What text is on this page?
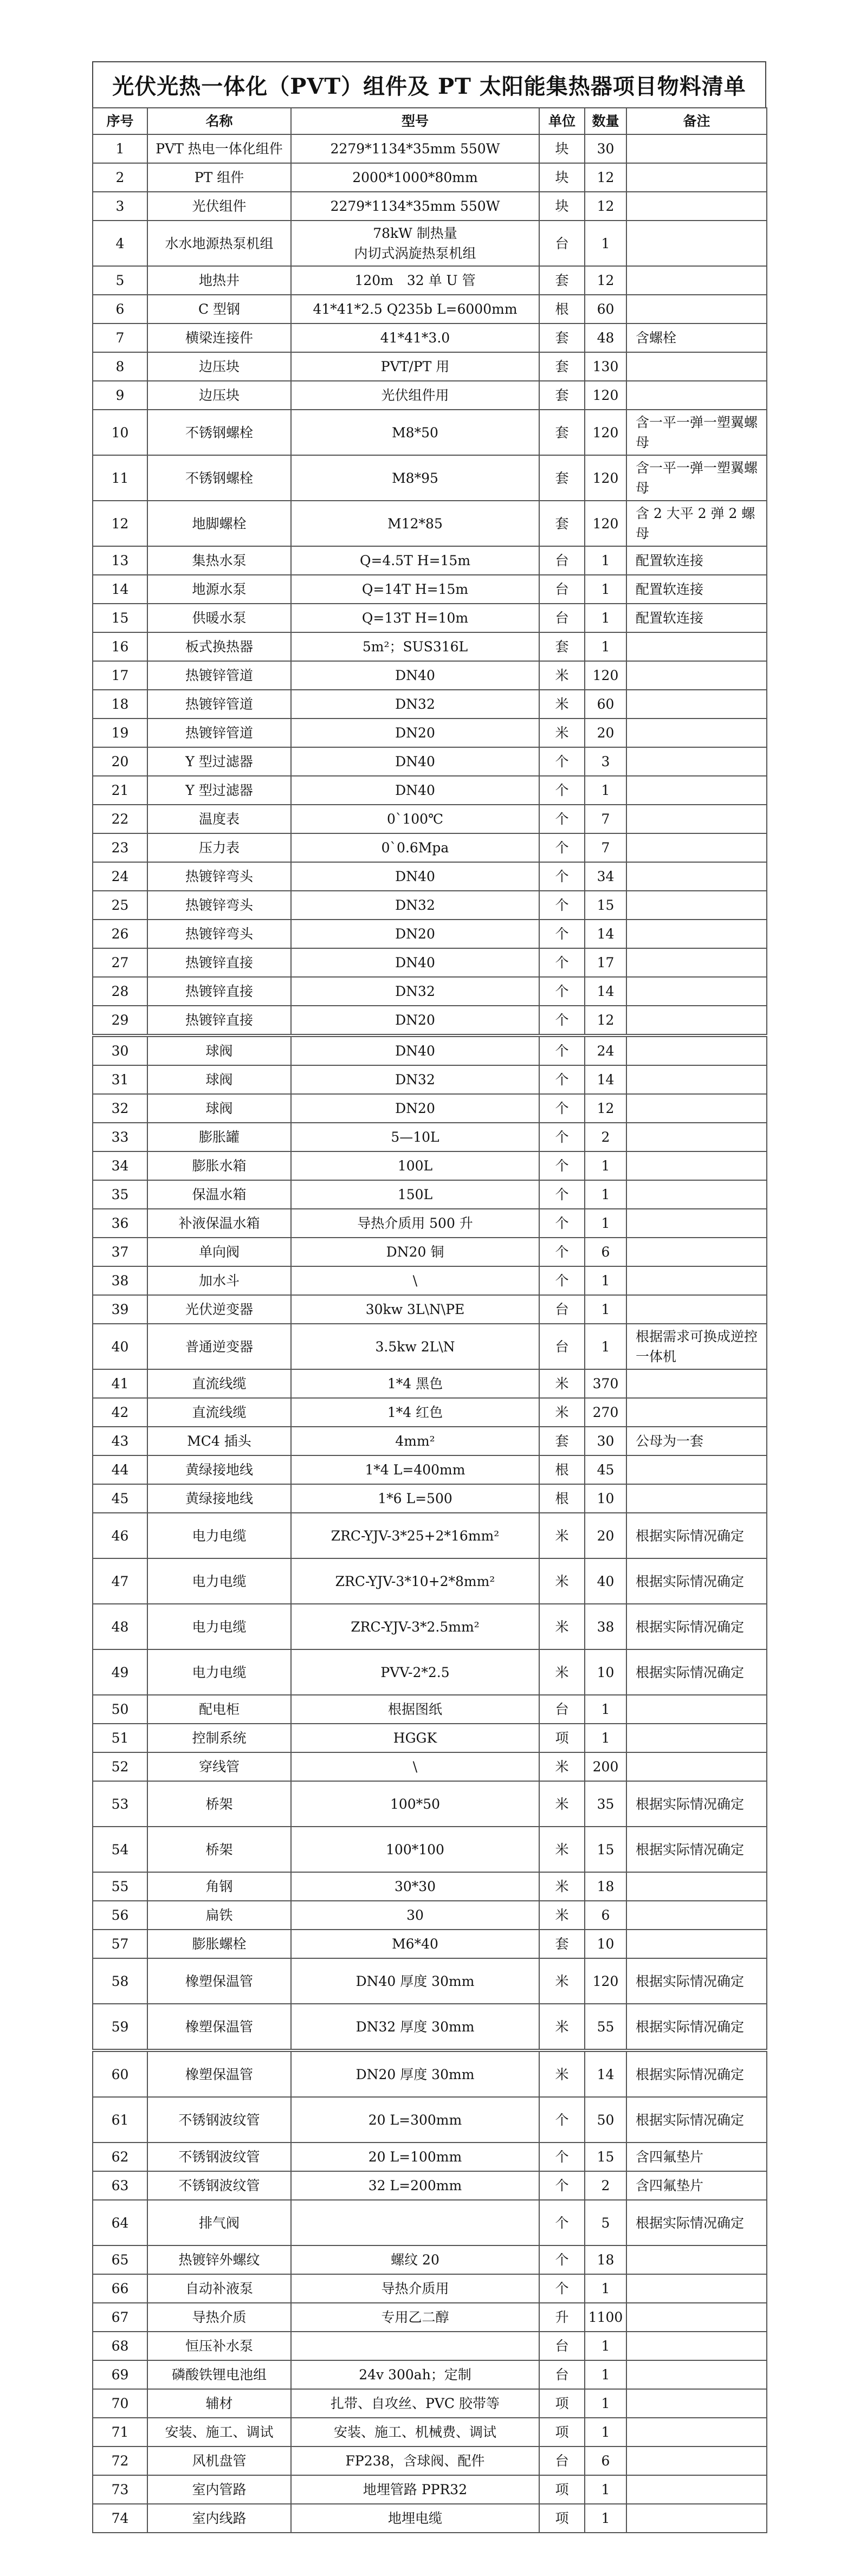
光伏光热一体化（PVT）组件及 PT 太阳能集热器项目物料清单
序号	名称	型号	单位	数量	备注
1	PVT 热电一体化组件	2279*1134*35mm 550W	块	30	
2	PT 组件	2000*1000*80mm	块	12	
3	光伏组件	2279*1134*35mm 550W	块	12	
4	水水地源热泵机组	78kW 制热量
内切式涡旋热泵机组	台	1	
5	地热井	120m　32 单 U 管	套	12	
6	C 型钢	41*41*2.5 Q235b L=6000mm	根	60	
7	横梁连接件	41*41*3.0	套	48	含螺栓
8	边压块	PVT/PT 用	套	130	
9	边压块	光伏组件用	套	120	
10	不锈钢螺栓	M8*50	套	120	含一平一弹一塑翼螺母
11	不锈钢螺栓	M8*95	套	120	含一平一弹一塑翼螺母
12	地脚螺栓	M12*85	套	120	含 2 大平 2 弹 2 螺母
13	集热水泵	Q=4.5T H=15m	台	1	配置软连接
14	地源水泵	Q=14T H=15m	台	1	配置软连接
15	供暖水泵	Q=13T H=10m	台	1	配置软连接
16	板式换热器	5m²；SUS316L	套	1	
17	热镀锌管道	DN40	米	120	
18	热镀锌管道	DN32	米	60	
19	热镀锌管道	DN20	米	20	
20	Y 型过滤器	DN40	个	3	
21	Y 型过滤器	DN40	个	1	
22	温度表	0`100℃	个	7	
23	压力表	0`0.6Mpa	个	7	
24	热镀锌弯头	DN40	个	34	
25	热镀锌弯头	DN32	个	15	
26	热镀锌弯头	DN20	个	14	
27	热镀锌直接	DN40	个	17	
28	热镀锌直接	DN32	个	14	
29	热镀锌直接	DN20	个	12	
30	球阀	DN40	个	24	
31	球阀	DN32	个	14	
32	球阀	DN20	个	12	
33	膨胀罐	5—10L	个	2	
34	膨胀水箱	100L	个	1	
35	保温水箱	150L	个	1	
36	补液保温水箱	导热介质用 500 升	个	1	
37	单向阀	DN20 铜	个	6	
38	加水斗	\	个	1	
39	光伏逆变器	30kw 3L\N\PE	台	1	
40	普通逆变器	3.5kw 2L\N	台	1	根据需求可换成逆控一体机
41	直流线缆	1*4 黑色	米	370	
42	直流线缆	1*4 红色	米	270	
43	MC4 插头	4mm²	套	30	公母为一套
44	黄绿接地线	1*4 L=400mm	根	45	
45	黄绿接地线	1*6 L=500	根	10	
46	电力电缆	ZRC-YJV-3*25+2*16mm²	米	20	根据实际情况确定
47	电力电缆	ZRC-YJV-3*10+2*8mm²	米	40	根据实际情况确定
48	电力电缆	ZRC-YJV-3*2.5mm²	米	38	根据实际情况确定
49	电力电缆	PVV-2*2.5	米	10	根据实际情况确定
50	配电柜	根据图纸	台	1	
51	控制系统	HGGK	项	1	
52	穿线管	\	米	200	
53	桥架	100*50	米	35	根据实际情况确定
54	桥架	100*100	米	15	根据实际情况确定
55	角钢	30*30	米	18	
56	扁铁	30	米	6	
57	膨胀螺栓	M6*40	套	10	
58	橡塑保温管	DN40 厚度 30mm	米	120	根据实际情况确定
59	橡塑保温管	DN32 厚度 30mm	米	55	根据实际情况确定
60	橡塑保温管	DN20 厚度 30mm	米	14	根据实际情况确定
61	不锈钢波纹管	20 L=300mm	个	50	根据实际情况确定
62	不锈钢波纹管	20 L=100mm	个	15	含四氟垫片
63	不锈钢波纹管	32 L=200mm	个	2	含四氟垫片
64	排气阀		个	5	根据实际情况确定
65	热镀锌外螺纹	螺纹 20	个	18	
66	自动补液泵	导热介质用	个	1	
67	导热介质	专用乙二醇	升	1100	
68	恒压补水泵		台	1	
69	磷酸铁锂电池组	24v 300ah；定制	台	1	
70	辅材	扎带、自攻丝、PVC 胶带等	项	1	
71	安装、施工、调试	安装、施工、机械费、调试	项	1	
72	风机盘管	FP238，含球阀、配件	台	6	
73	室内管路	地埋管路 PPR32	项	1	
74	室内线路	地埋电缆	项	1	
